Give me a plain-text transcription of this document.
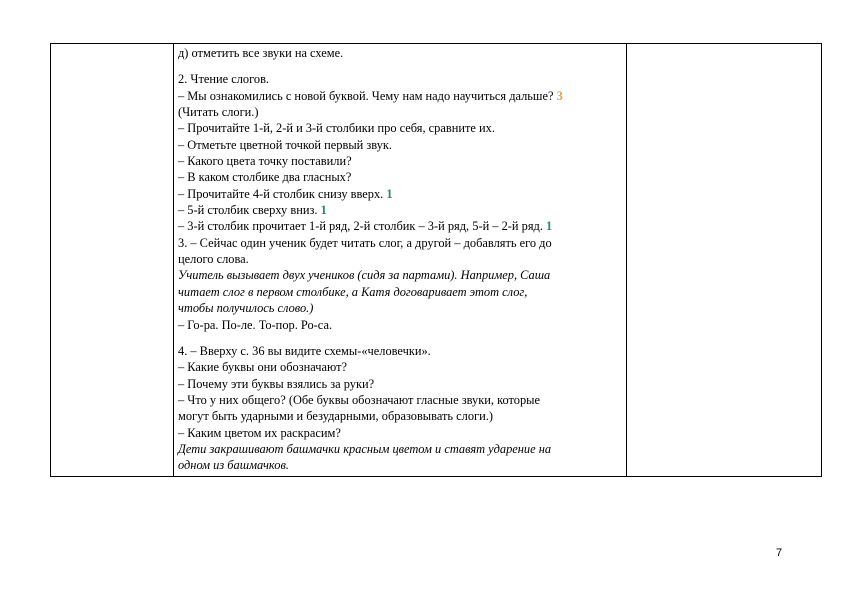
д) отметить все звуки на схеме.
2. Чтение слогов.
– Мы ознакомились с новой буквой. Чему нам надо научиться дальше? 3
(Читать слоги.)
– Прочитайте 1-й, 2-й и 3-й столбики про себя, сравните их.
– Отметьте цветной точкой первый звук.
– Какого цвета точку поставили?
– В каком столбике два гласных?
– Прочитайте 4-й столбик снизу вверх. 1
– 5-й столбик сверху вниз. 1
– 3-й столбик прочитает 1-й ряд, 2-й столбик – 3-й ряд, 5-й – 2-й ряд. 1
3. – Сейчас один ученик будет читать слог, а другой – добавлять его до
целого слова.
Учитель вызывает двух учеников (сидя за партами). Например, Саша
читает слог в первом столбике, а Катя договаривает этот слог,
чтобы получилось слово.)
– Го-ра. По-ле. То-пор. Ро-са.
4. – Вверху с. 36 вы видите схемы-«человечки».
– Какие буквы они обозначают?
– Почему эти буквы взялись за руки?
– Что у них общего? (Обе буквы обозначают гласные звуки, которые
могут быть ударными и безударными, образовывать слоги.)
– Каким цветом их раскрасим?
Дети закрашивают башмачки красным цветом и ставят ударение на
одном из башмачков.

7
